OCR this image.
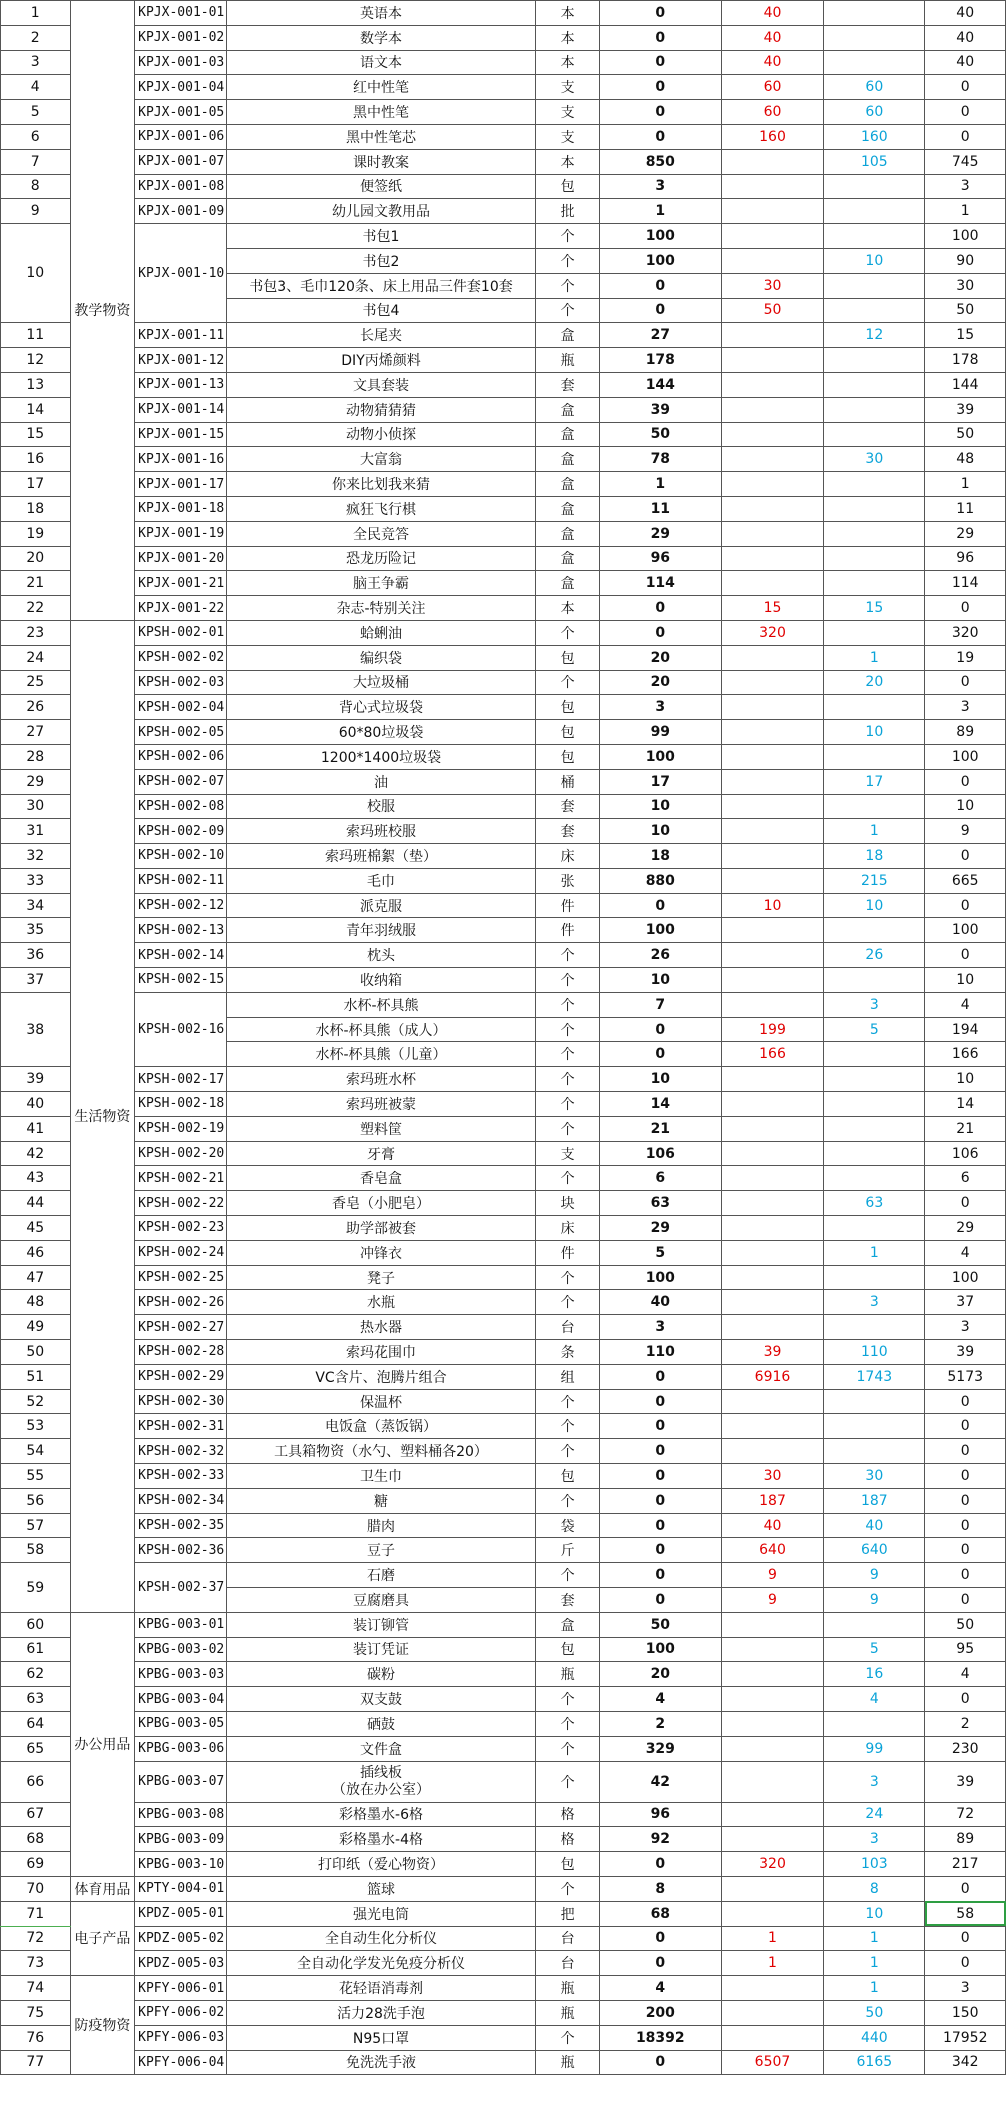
1	教学物资	KPJX-001-01	英语本	本	0	40		40
2		KPJX-001-02	数学本	本	0	40		40
3		KPJX-001-03	语文本	本	0	40		40
4		KPJX-001-04	红中性笔	支	0	60	60	0
5		KPJX-001-05	黑中性笔	支	0	60	60	0
6		KPJX-001-06	黑中性笔芯	支	0	160	160	0
7		KPJX-001-07	课时教案	本	850		105	745
8		KPJX-001-08	便签纸	包	3			3
9		KPJX-001-09	幼儿园文教用品	批	1			1
10		KPJX-001-10	书包1	个	100			100
			书包2	个	100		10	90
			书包3、毛巾120条、床上用品三件套10套	个	0	30		30
			书包4	个	0	50		50
11		KPJX-001-11	长尾夹	盒	27		12	15
12		KPJX-001-12	DIY丙烯颜料	瓶	178			178
13		KPJX-001-13	文具套装	套	144			144
14		KPJX-001-14	动物猜猜猜	盒	39			39
15		KPJX-001-15	动物小侦探	盒	50			50
16		KPJX-001-16	大富翁	盒	78		30	48
17		KPJX-001-17	你来比划我来猜	盒	1			1
18		KPJX-001-18	疯狂飞行棋	盒	11			11
19		KPJX-001-19	全民竞答	盒	29			29
20		KPJX-001-20	恐龙历险记	盒	96			96
21		KPJX-001-21	脑王争霸	盒	114			114
22		KPJX-001-22	杂志-特别关注	本	0	15	15	0
23	生活物资	KPSH-002-01	蛤蜊油	个	0	320		320
24		KPSH-002-02	编织袋	包	20		1	19
25		KPSH-002-03	大垃圾桶	个	20		20	0
26		KPSH-002-04	背心式垃圾袋	包	3			3
27		KPSH-002-05	60*80垃圾袋	包	99		10	89
28		KPSH-002-06	1200*1400垃圾袋	包	100			100
29		KPSH-002-07	油	桶	17		17	0
30		KPSH-002-08	校服	套	10			10
31		KPSH-002-09	索玛班校服	套	10		1	9
32		KPSH-002-10	索玛班棉絮（垫）	床	18		18	0
33		KPSH-002-11	毛巾	张	880		215	665
34		KPSH-002-12	派克服	件	0	10	10	0
35		KPSH-002-13	青年羽绒服	件	100			100
36		KPSH-002-14	枕头	个	26		26	0
37		KPSH-002-15	收纳箱	个	10			10
38		KPSH-002-16	水杯-杯具熊	个	7		3	4
			水杯-杯具熊（成人）	个	0	199	5	194
			水杯-杯具熊（儿童）	个	0	166		166
39		KPSH-002-17	索玛班水杯	个	10			10
40		KPSH-002-18	索玛班被蒙	个	14			14
41		KPSH-002-19	塑料筐	个	21			21
42		KPSH-002-20	牙膏	支	106			106
43		KPSH-002-21	香皂盒	个	6			6
44		KPSH-002-22	香皂（小肥皂）	块	63		63	0
45		KPSH-002-23	助学部被套	床	29			29
46		KPSH-002-24	冲锋衣	件	5		1	4
47		KPSH-002-25	凳子	个	100			100
48		KPSH-002-26	水瓶	个	40		3	37
49		KPSH-002-27	热水器	台	3			3
50		KPSH-002-28	索玛花围巾	条	110	39	110	39
51		KPSH-002-29	VC含片、泡腾片组合	组	0	6916	1743	5173
52		KPSH-002-30	保温杯	个	0			0
53		KPSH-002-31	电饭盒（蒸饭锅）	个	0			0
54		KPSH-002-32	工具箱物资（水勺、塑料桶各20）	个	0			0
55		KPSH-002-33	卫生巾	包	0	30	30	0
56		KPSH-002-34	糖	个	0	187	187	0
57		KPSH-002-35	腊肉	袋	0	40	40	0
58		KPSH-002-36	豆子	斤	0	640	640	0
59		KPSH-002-37	石磨	个	0	9	9	0
			豆腐磨具	套	0	9	9	0
60	办公用品	KPBG-003-01	装订铆管	盒	50			50
61		KPBG-003-02	装订凭证	包	100		5	95
62		KPBG-003-03	碳粉	瓶	20		16	4
63		KPBG-003-04	双支鼓	个	4		4	0
64		KPBG-003-05	硒鼓	个	2			2
65		KPBG-003-06	文件盒	个	329		99	230
66		KPBG-003-07	插线板
（放在办公室）	个	42		3	39
67		KPBG-003-08	彩格墨水-6格	格	96		24	72
68		KPBG-003-09	彩格墨水-4格	格	92		3	89
69		KPBG-003-10	打印纸（爱心物资）	包	0	320	103	217
70	体育用品	KPTY-004-01	篮球	个	8		8	0
71	电子产品	KPDZ-005-01	强光电筒	把	68		10	58
72		KPDZ-005-02	全自动生化分析仪	台	0	1	1	0
73		KPDZ-005-03	全自动化学发光免疫分析仪	台	0	1	1	0
74	防疫物资	KPFY-006-01	花轻语消毒剂	瓶	4		1	3
75		KPFY-006-02	活力28洗手泡	瓶	200		50	150
76		KPFY-006-03	N95口罩	个	18392		440	17952
77		KPFY-006-04	免洗洗手液	瓶	0	6507	6165	342
